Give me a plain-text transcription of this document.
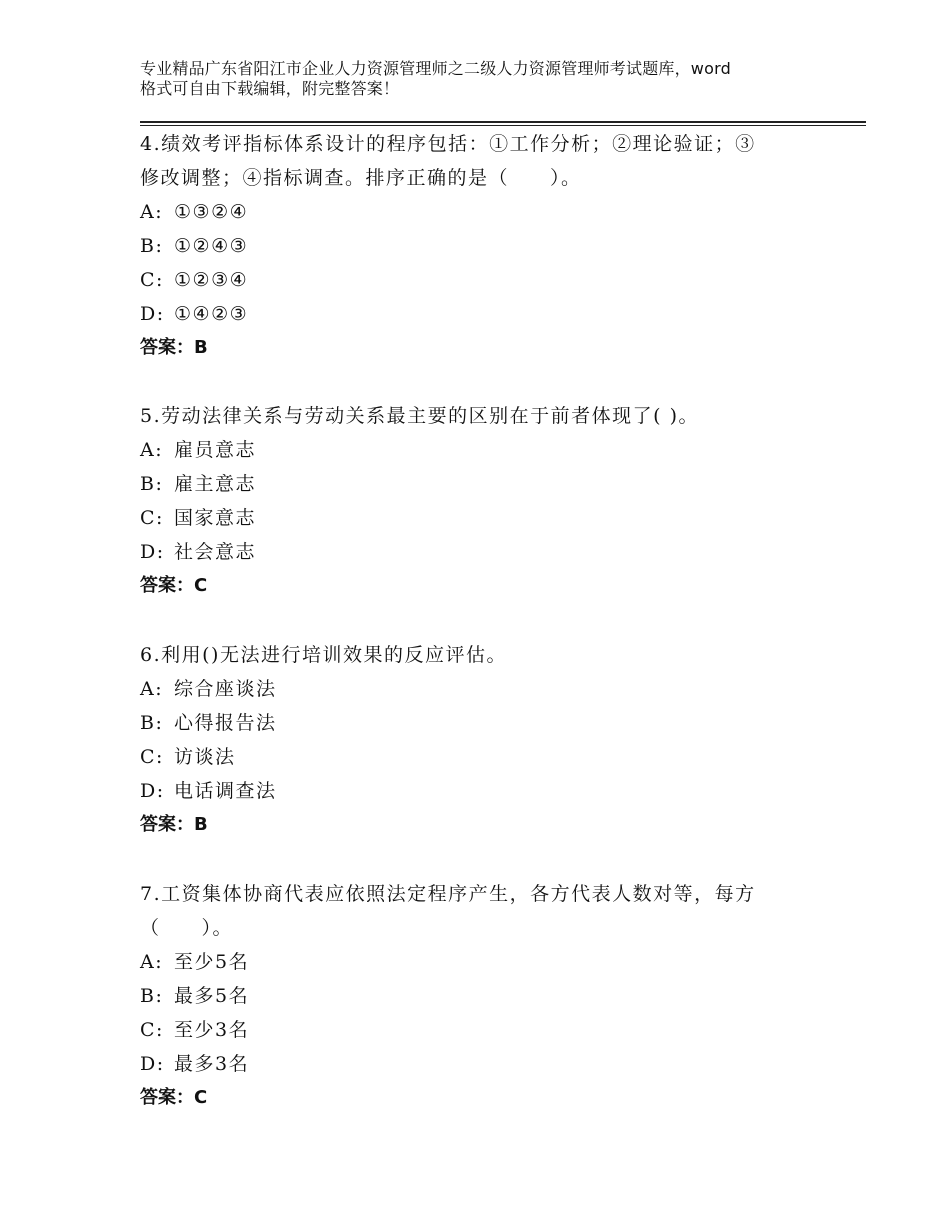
专业精品广东省阳江市企业人力资源管理师之二级人力资源管理师考试题库，word
格式可自由下载编辑，附完整答案！

4.绩效考评指标体系设计的程序包括：①工作分析；②理论验证；③

修改调整；④指标调查。排序正确的是（　　）。

A: ①③②④
B: ①②④③
C: ①②③④
D: ①④②③

答案：B

5.劳动法律关系与劳动关系最主要的区别在于前者体现了( )。

A: 雇员意志
B: 雇主意志
C: 国家意志
D: 社会意志

答案：C

6.利用()无法进行培训效果的反应评估。

A: 综合座谈法
B: 心得报告法
C: 访谈法
D: 电话调查法

答案：B

7.工资集体协商代表应依照法定程序产生，各方代表人数对等，每方

（　　）。

A: 至少5名
B: 最多5名
C: 至少3名
D: 最多3名

答案：C
